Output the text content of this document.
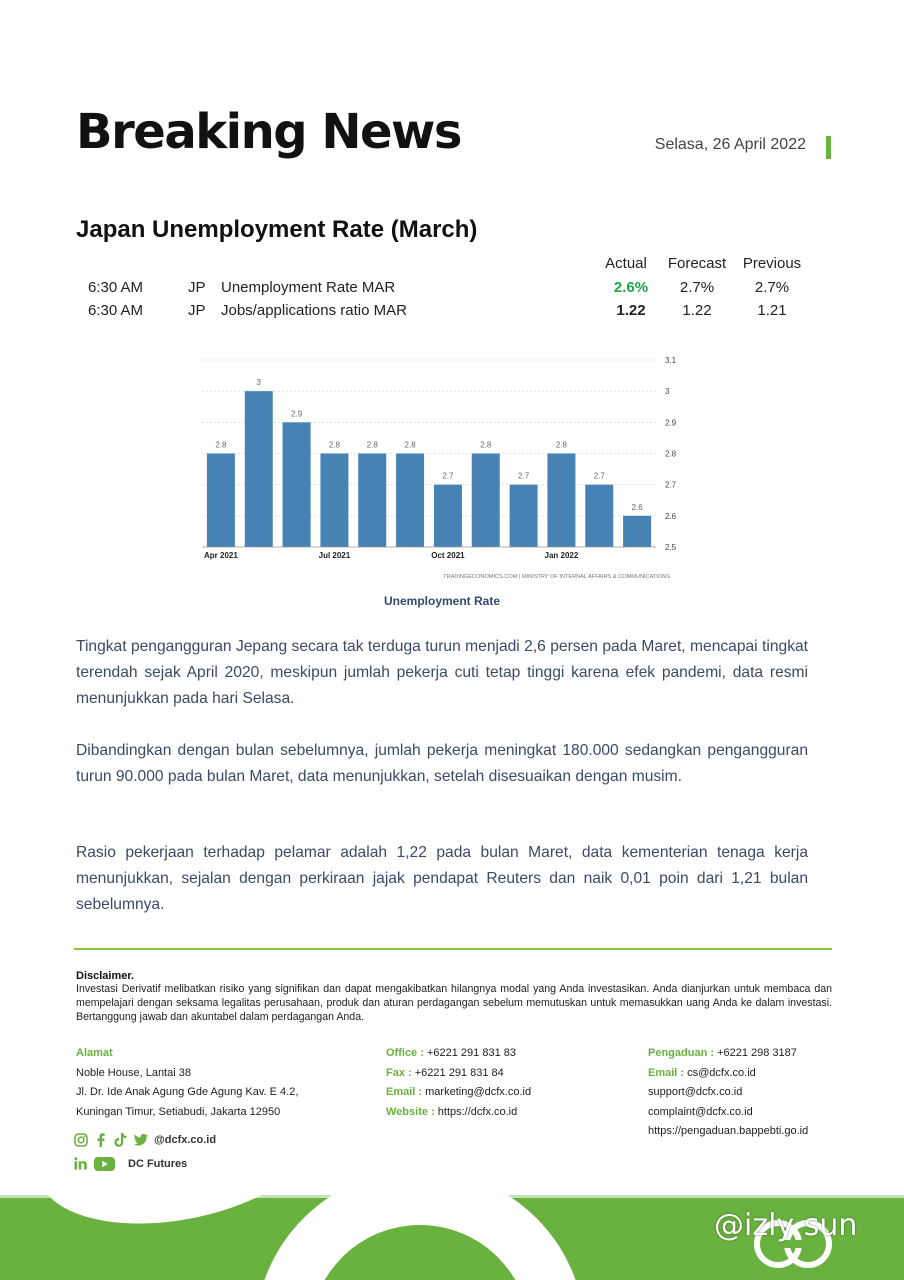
Breaking News	Selasa, 26 April 2022
Japan Unemployment Rate (March)
Actual	Forecast	Previous
6:30 AM	JP Unemployment Rate MAR	2.6%	2.7%	2.7%
6:30 AM	JP Jobs/applications ratio MAR	1.22	1.22	1.21
2.5
2.6
2.7
2.8
2.9
3
3.1
2.8
3
2.9
2.8	2.8	2.8
2.7
2.8
2.7
2.8
2.7
2.6
Apr 2021	Jul 2021	Oct 2021	Jan 2022
TRADINGECONOMICS.COM | MINISTRY OF INTERNAL AFFAIRS & COMMUNICATIONS
Unemployment Rate
Tingkat pengangguran Jepang secara tak terduga turun menjadi 2,6 persen pada Maret, mencapai tingkat terendah sejak April 2020, meskipun jumlah pekerja cuti tetap tinggi karena efek pandemi, data resmi menunjukkan pada hari Selasa.
Dibandingkan dengan bulan sebelumnya, jumlah pekerja meningkat 180.000 sedangkan pengangguran turun 90.000 pada bulan Maret, data menunjukkan, setelah disesuaikan dengan musim.
Rasio pekerjaan terhadap pelamar adalah 1,22 pada bulan Maret, data kementerian tenaga kerja menunjukkan, sejalan dengan perkiraan jajak pendapat Reuters dan naik 0,01 poin dari 1,21 bulan sebelumnya.
Disclaimer.
Investasi Derivatif melibatkan risiko yang signifikan dan dapat mengakibatkan hilangnya modal yang Anda investasikan. Anda dianjurkan untuk membaca dan mempelajari dengan seksama legalitas perusahaan, produk dan aturan perdagangan sebelum memutuskan untuk memasukkan uang Anda ke dalam investasi. Bertanggung jawab dan akuntabel dalam perdagangan Anda.
Alamat
Noble House, Lantai 38
Jl. Dr. Ide Anak Agung Gde Agung Kav. E 4.2,
Kuningan Timur, Setiabudi, Jakarta 12950
Office : +6221 291 831 83
Fax : +6221 291 831 84
Email : marketing@dcfx.co.id
Website : https://dcfx.co.id
Pengaduan : +6221 298 3187
Email : cs@dcfx.co.id
support@dcfx.co.id
complaint@dcfx.co.id
https://pengaduan.bappebti.go.id
@dcfx.co.id
DC Futures
@izly sun
